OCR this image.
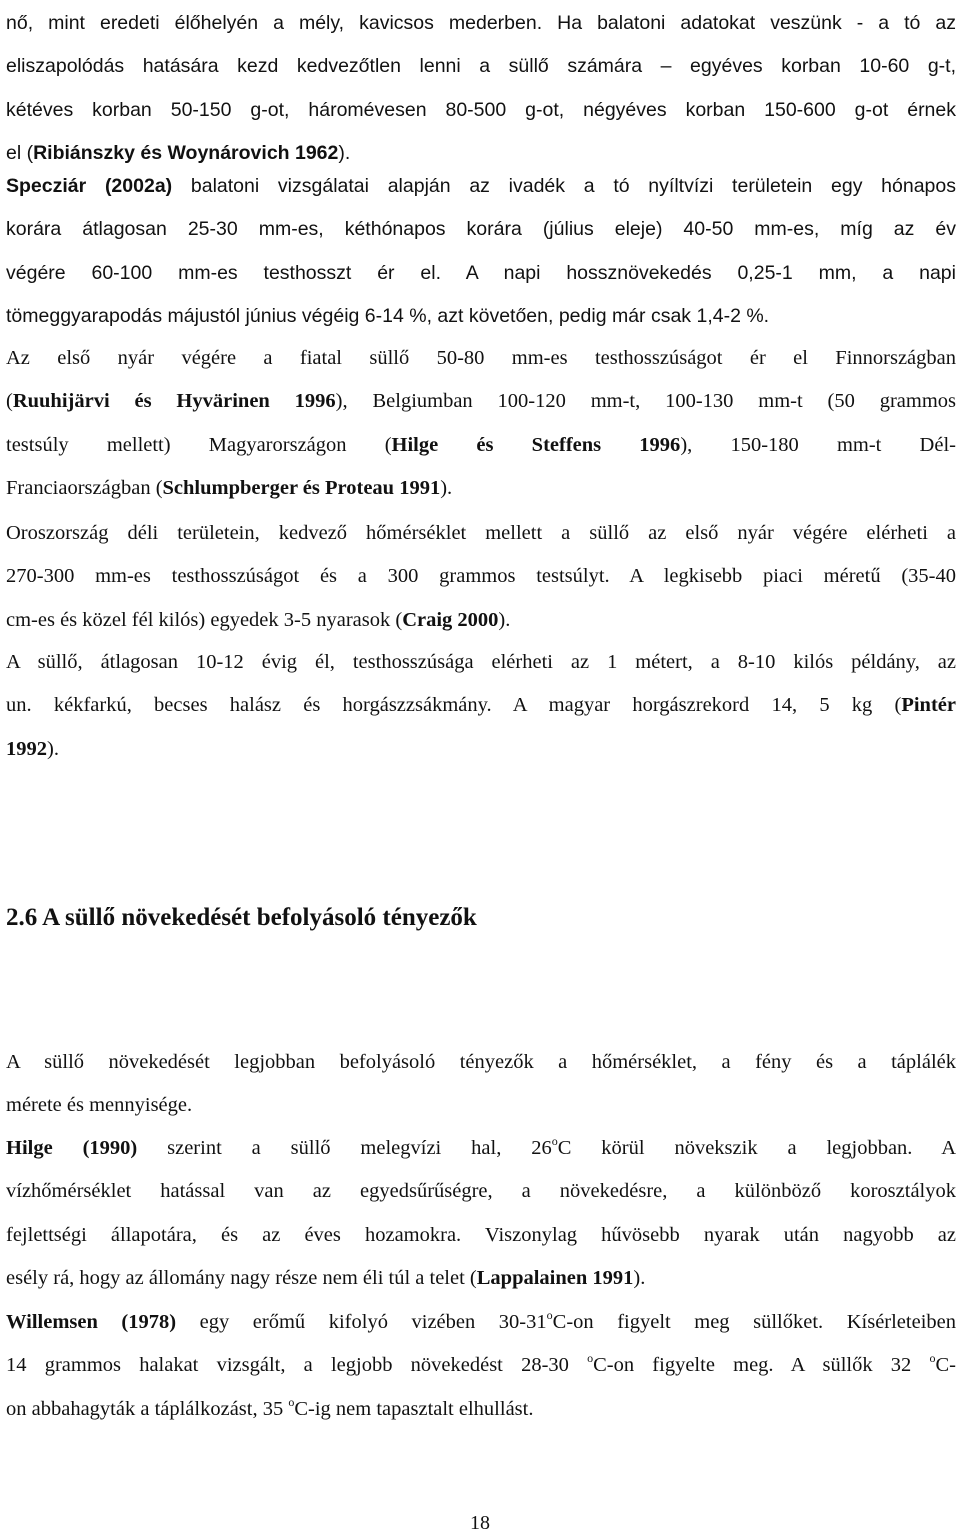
nő, mint eredeti élőhelyén a mély, kavicsos mederben. Ha balatoni adatokat veszünk - a tó az
eliszapolódás hatására kezd kedvezőtlen lenni a süllő számára – egyéves korban 10-60 g-t,
kétéves korban 50-150 g-ot, háromévesen 80-500 g-ot, négyéves korban 150-600 g-ot érnek
el (Ribiánszky és Woynárovich 1962).
Specziár (2002a) balatoni vizsgálatai alapján az ivadék a tó nyíltvízi területein egy hónapos
korára átlagosan 25-30 mm-es, kéthónapos korára (július eleje) 40-50 mm-es, míg az év
végére 60-100 mm-es testhosszt ér el. A napi hossznövekedés 0,25-1 mm, a napi
tömeggyarapodás májustól június végéig 6-14 %, azt követően, pedig már csak 1,4-2 %.
Az első nyár végére a fiatal süllő 50-80 mm-es testhosszúságot ér el Finnországban
(Ruuhijärvi és Hyvärinen 1996), Belgiumban 100-120 mm-t, 100-130 mm-t (50 grammos
testsúly mellett) Magyarországon (Hilge és Steffens 1996), 150-180 mm-t Dél-
Franciaországban (Schlumpberger és Proteau 1991).
Oroszország déli területein, kedvező hőmérséklet mellett a süllő az első nyár végére elérheti a
270-300 mm-es testhosszúságot és a 300 grammos testsúlyt. A legkisebb piaci méretű (35-40
cm-es és közel fél kilós) egyedek 3-5 nyarasok (Craig 2000).
A süllő, átlagosan 10-12 évig él, testhosszúsága elérheti az 1 métert, a 8-10 kilós példány, az
un. kékfarkú, becses halász és horgászzsákmány. A magyar horgászrekord 14, 5 kg (Pintér
1992).
2.6 A süllő növekedését befolyásoló tényezők
A süllő növekedését legjobban befolyásoló tényezők a hőmérséklet, a fény és a táplálék
mérete és mennyisége.
Hilge (1990) szerint a süllő melegvízi hal, 26$^o$C körül növekszik a legjobban. A
vízhőmérséklet hatással van az egyedsűrűségre, a növekedésre, a különböző korosztályok
fejlettségi állapotára, és az éves hozamokra. Viszonylag hűvösebb nyarak után nagyobb az
esély rá, hogy az állomány nagy része nem éli túl a telet (Lappalainen 1991).
Willemsen (1978) egy erőmű kifolyó vizében 30-31$^o$C-on figyelt meg süllőket. Kísérleteiben
14 grammos halakat vizsgált, a legjobb növekedést 28-30 $^o$C-on figyelte meg. A süllők 32 $^o$C-
on abbahagyták a táplálkozást, 35 $^o$C-ig nem tapasztalt elhullást.
18
